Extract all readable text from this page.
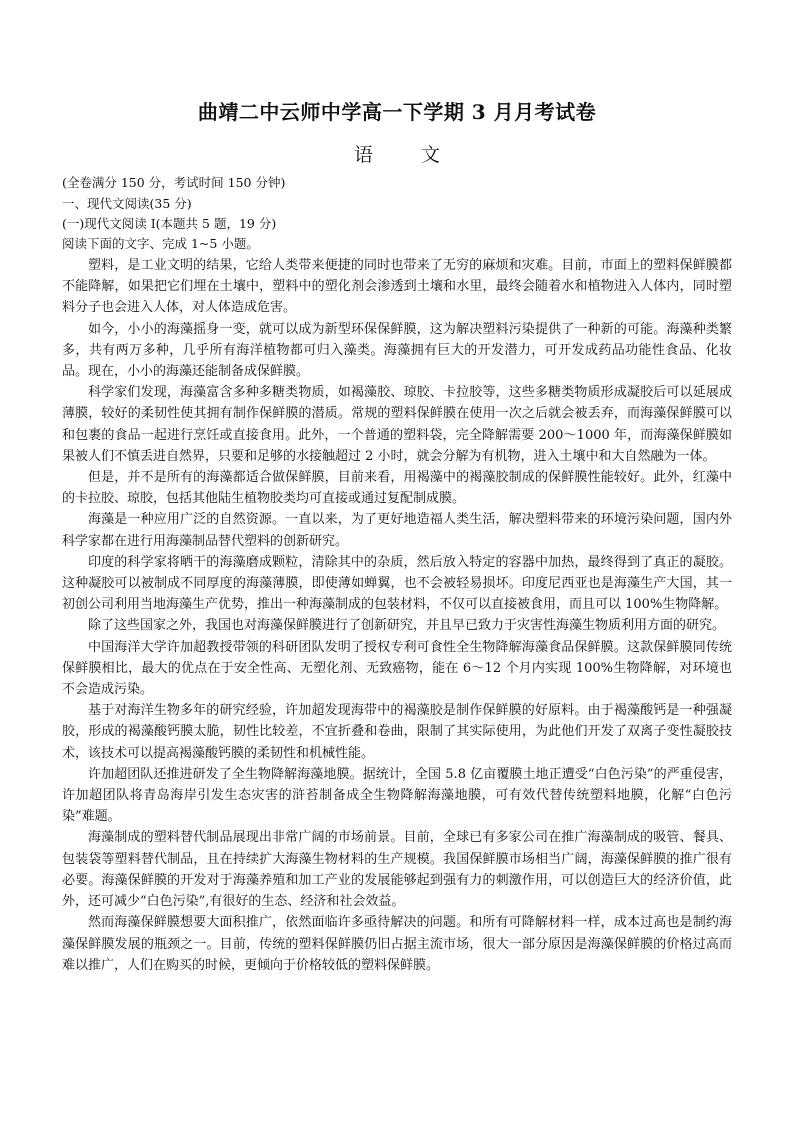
曲靖二中云师中学高一下学期 3 月月考试卷
语	文
(全卷满分 150 分，考试时间 150 分钟)
一、现代文阅读(35 分)
(一)现代文阅读 I(本题共 5 题，19 分)
阅读下面的文字、完成 1~5 小题。

塑料，是工业文明的结果，它给人类带来便捷的同时也带来了无穷的麻烦和灾难。目前，市面上的塑料保鲜膜都不能降解，如果把它们埋在土壤中，塑料中的塑化剂会渗透到土壤和水里，最终会随着水和植物进入人体内，同时塑料分子也会进入人体，对人体造成危害。

如今，小小的海藻摇身一变，就可以成为新型环保保鲜膜，这为解决塑料污染提供了一种新的可能。海藻种类繁多，共有两万多种，几乎所有海洋植物都可归入藻类。海藻拥有巨大的开发潜力，可开发成药品功能性食品、化妆品。现在，小小的海藻还能制备成保鲜膜。

科学家们发现，海藻富含多种多糖类物质，如褐藻胶、琼胶、卡拉胶等，这些多糖类物质形成凝胶后可以延展成薄膜，较好的柔韧性使其拥有制作保鲜膜的潜质。常规的塑料保鲜膜在使用一次之后就会被丢弃，而海藻保鲜膜可以和包裹的食品一起进行烹饪或直接食用。此外，一个普通的塑料袋，完全降解需要 200～1000 年，而海藻保鲜膜如果被人们不慎丢进自然界，只要和足够的水接触超过 2 小时，就会分解为有机物，进入土壤中和大自然融为一体。

但是，并不是所有的海藻都适合做保鲜膜，目前来看，用褐藻中的褐藻胶制成的保鲜膜性能较好。此外，红藻中的卡拉胶、琼胶，包括其他陆生植物胶类均可直接或通过复配制成膜。

海藻是一种应用广泛的自然资源。一直以来，为了更好地造福人类生活，解决塑料带来的环境污染问题，国内外科学家都在进行用海藻制品替代塑料的创新研究。

印度的科学家将晒干的海藻磨成颗粒，清除其中的杂质，然后放入特定的容器中加热，最终得到了真正的凝胶。这种凝胶可以被制成不同厚度的海藻薄膜，即使薄如蝉翼，也不会被轻易损坏。印度尼西亚也是海藻生产大国，其一初创公司利用当地海藻生产优势，推出一种海藻制成的包装材料，不仅可以直接被食用，而且可以 100%生物降解。

除了这些国家之外，我国也对海藻保鲜膜进行了创新研究，并且早已致力于灾害性海藻生物质利用方面的研究。

中国海洋大学许加超教授带领的科研团队发明了授权专利可食性全生物降解海藻食品保鲜膜。这款保鲜膜同传统保鲜膜相比，最大的优点在于安全性高、无塑化剂、无致癌物，能在 6～12 个月内实现 100%生物降解，对环境也不会造成污染。

基于对海洋生物多年的研究经验，许加超发现海带中的褐藻胶是制作保鲜膜的好原料。由于褐藻酸钙是一种强凝胶，形成的褐藻酸钙膜太脆，韧性比较差，不宜折叠和卷曲，限制了其实际使用，为此他们开发了双离子变性凝胶技术，该技术可以提高褐藻酸钙膜的柔韧性和机械性能。

许加超团队还推进研发了全生物降解海藻地膜。据统计，全国 5.8 亿亩覆膜土地正遭受“白色污染”的严重侵害，许加超团队将青岛海岸引发生态灾害的浒苔制备成全生物降解海藻地膜，可有效代替传统塑料地膜，化解“白色污染”难题。

海藻制成的塑料替代制品展现出非常广阔的市场前景。目前，全球已有多家公司在推广海藻制成的吸管、餐具、包装袋等塑料替代制品，且在持续扩大海藻生物材料的生产规模。我国保鲜膜市场相当广阔，海藻保鲜膜的推广很有必要。海藻保鲜膜的开发对于海藻养殖和加工产业的发展能够起到强有力的刺激作用，可以创造巨大的经济价值，此外，还可减少“白色污染”,有很好的生态、经济和社会效益。

然而海藻保鲜膜想要大面积推广，依然面临许多亟待解决的问题。和所有可降解材料一样，成本过高也是制约海藻保鲜膜发展的瓶颈之一。目前，传统的塑料保鲜膜仍旧占据主流市场，很大一部分原因是海藻保鲜膜的价格过高而难以推广，人们在购买的时候，更倾向于价格较低的塑料保鲜膜。
